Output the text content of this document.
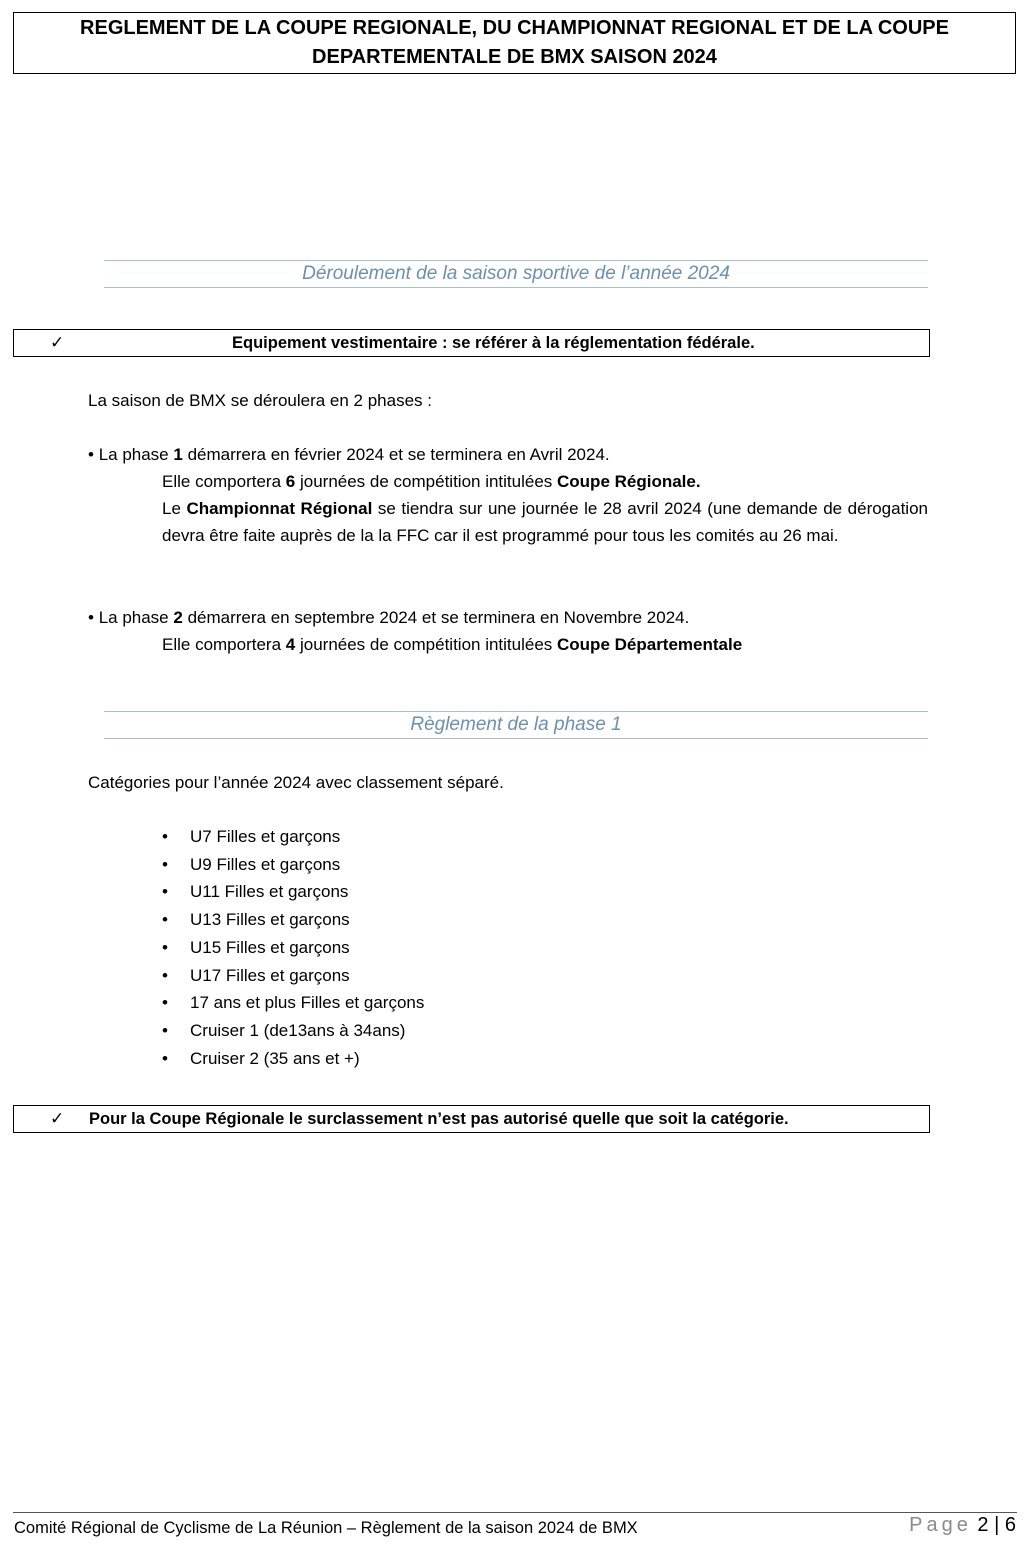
REGLEMENT DE LA COUPE REGIONALE, DU CHAMPIONNAT REGIONAL ET DE LA COUPE
DEPARTEMENTALE DE BMX SAISON 2024
Déroulement de la saison sportive de l’année 2024
✓	Equipement vestimentaire : se référer à la réglementation fédérale.
La saison de BMX se déroulera en 2 phases :
• La phase 1 démarrera en février 2024 et se terminera en Avril 2024.
Elle comportera 6 journées de compétition intitulées Coupe Régionale.
Le Championnat Régional se tiendra sur une journée le 28 avril 2024 (une demande de dérogation devra être faite auprès de la la FFC car il est programmé pour tous les comités au 26 mai.
• La phase 2 démarrera en septembre 2024 et se terminera en Novembre 2024.
Elle comportera 4 journées de compétition intitulées Coupe Départementale
Règlement de la phase 1
Catégories pour l’année 2024 avec classement séparé.
• U7 Filles et garçons
• U9 Filles et garçons
• U11 Filles et garçons
• U13 Filles et garçons
• U15 Filles et garçons
• U17 Filles et garçons
• 17 ans et plus Filles et garçons
• Cruiser 1 (de13ans à 34ans)
• Cruiser 2 (35 ans et +)
✓ Pour la Coupe Régionale le surclassement n’est pas autorisé quelle que soit la catégorie.
Comité Régional de Cyclisme de La Réunion – Règlement de la saison 2024 de BMX	Page 2 | 6
